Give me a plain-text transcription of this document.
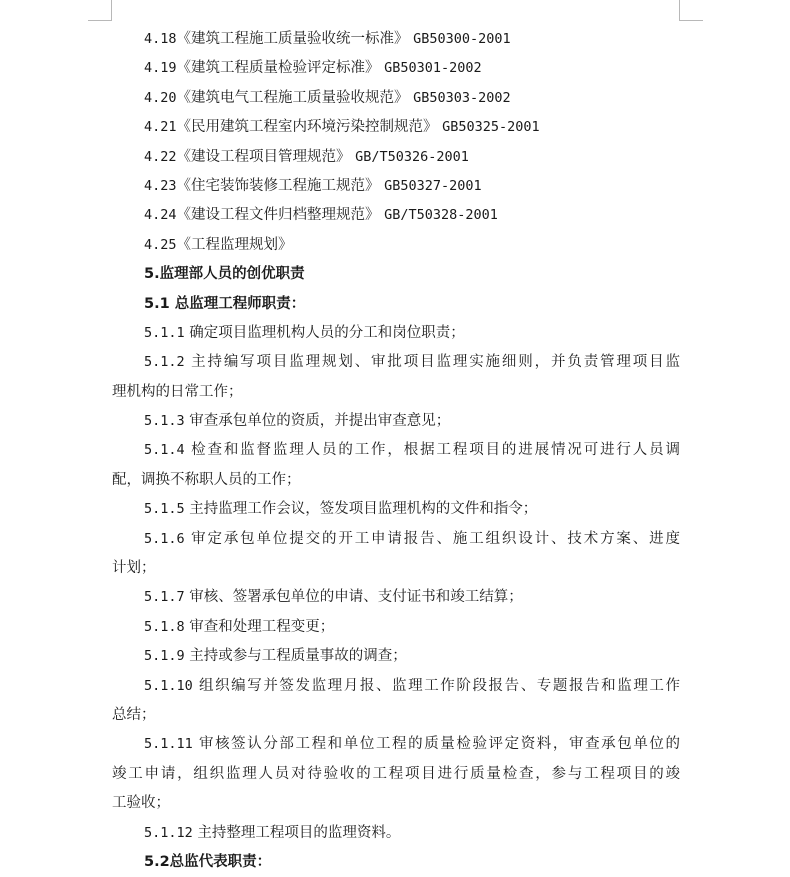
4.18《建筑工程施工质量验收统一标准》 GB50300-2001
4.19《建筑工程质量检验评定标准》 GB50301-2002
4.20《建筑电气工程施工质量验收规范》 GB50303-2002
4.21《民用建筑工程室内环境污染控制规范》 GB50325-2001
4.22《建设工程项目管理规范》 GB/T50326-2001
4.23《住宅装饰装修工程施工规范》 GB50327-2001
4.24《建设工程文件归档整理规范》 GB/T50328-2001
4.25《工程监理规划》
5.监理部人员的创优职责
5.1 总监理工程师职责：
5.1.1 确定项目监理机构人员的分工和岗位职责；
5.1.2 主持编写项目监理规划、审批项目监理实施细则，并负责管理项目监
理机构的日常工作；
5.1.3 审查承包单位的资质，并提出审查意见；
5.1.4 检查和监督监理人员的工作，根据工程项目的进展情况可进行人员调
配，调换不称职人员的工作；
5.1.5 主持监理工作会议，签发项目监理机构的文件和指令；
5.1.6 审定承包单位提交的开工申请报告、施工组织设计、技术方案、进度
计划；
5.1.7 审核、签署承包单位的申请、支付证书和竣工结算；
5.1.8 审查和处理工程变更；
5.1.9 主持或参与工程质量事故的调查；
5.1.10 组织编写并签发监理月报、监理工作阶段报告、专题报告和监理工作
总结；
5.1.11 审核签认分部工程和单位工程的质量检验评定资料，审查承包单位的
竣工申请，组织监理人员对待验收的工程项目进行质量检查，参与工程项目的竣
工验收；
5.1.12 主持整理工程项目的监理资料。
5.2总监代表职责：
